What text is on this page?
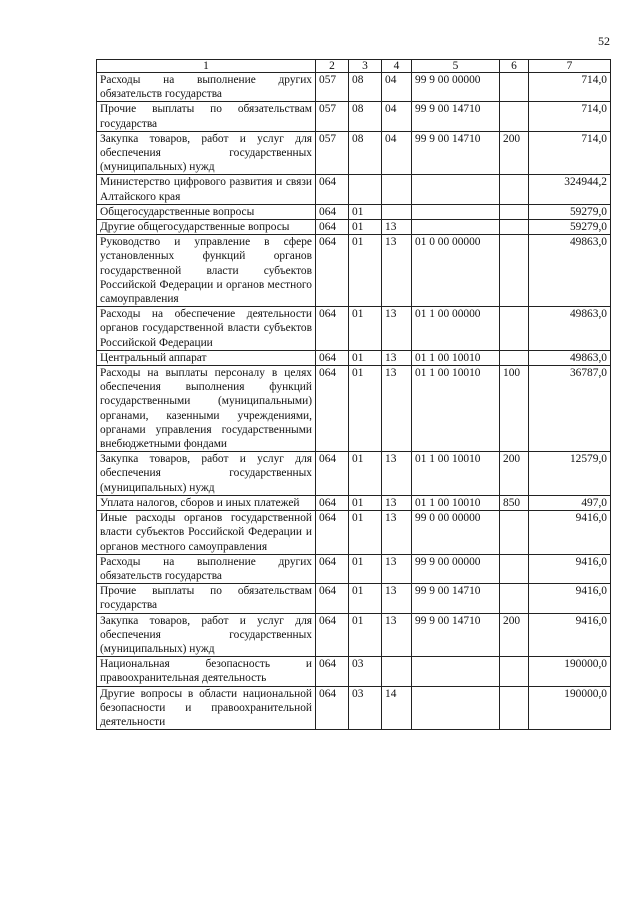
52
1	2	3	4	5	6	7
Расходы на выполнение других обязательств государства	057	08	04	99 9 00 00000		714,0
Прочие выплаты по обязательствам государства	057	08	04	99 9 00 14710		714,0
Закупка товаров, работ и услуг для обеспечения государственных (муниципальных) нужд	057	08	04	99 9 00 14710	200	714,0
Министерство цифрового развития и связи Алтайского края	064					324944,2
Общегосударственные вопросы	064	01				59279,0
Другие общегосударственные вопросы	064	01	13			59279,0
Руководство и управление в сфере установленных функций органов государственной власти субъектов Российской Федерации и органов местного самоуправления	064	01	13	01 0 00 00000		49863,0
Расходы на обеспечение деятельности органов государственной власти субъектов Российской Федерации	064	01	13	01 1 00 00000		49863,0
Центральный аппарат	064	01	13	01 1 00 10010		49863,0
Расходы на выплаты персоналу в целях обеспечения выполнения функций государственными (муниципальными) органами, казенными учреждениями, органами управления государственными внебюджетными фондами	064	01	13	01 1 00 10010	100	36787,0
Закупка товаров, работ и услуг для обеспечения государственных (муниципальных) нужд	064	01	13	01 1 00 10010	200	12579,0
Уплата налогов, сборов и иных платежей	064	01	13	01 1 00 10010	850	497,0
Иные расходы органов государственной власти субъектов Российской Федерации и органов местного самоуправления	064	01	13	99 0 00 00000		9416,0
Расходы на выполнение других обязательств государства	064	01	13	99 9 00 00000		9416,0
Прочие выплаты по обязательствам государства	064	01	13	99 9 00 14710		9416,0
Закупка товаров, работ и услуг для обеспечения государственных (муниципальных) нужд	064	01	13	99 9 00 14710	200	9416,0
Национальная безопасность и правоохранительная деятельность	064	03				190000,0
Другие вопросы в области национальной безопасности и правоохранительной деятельности	064	03	14			190000,0
